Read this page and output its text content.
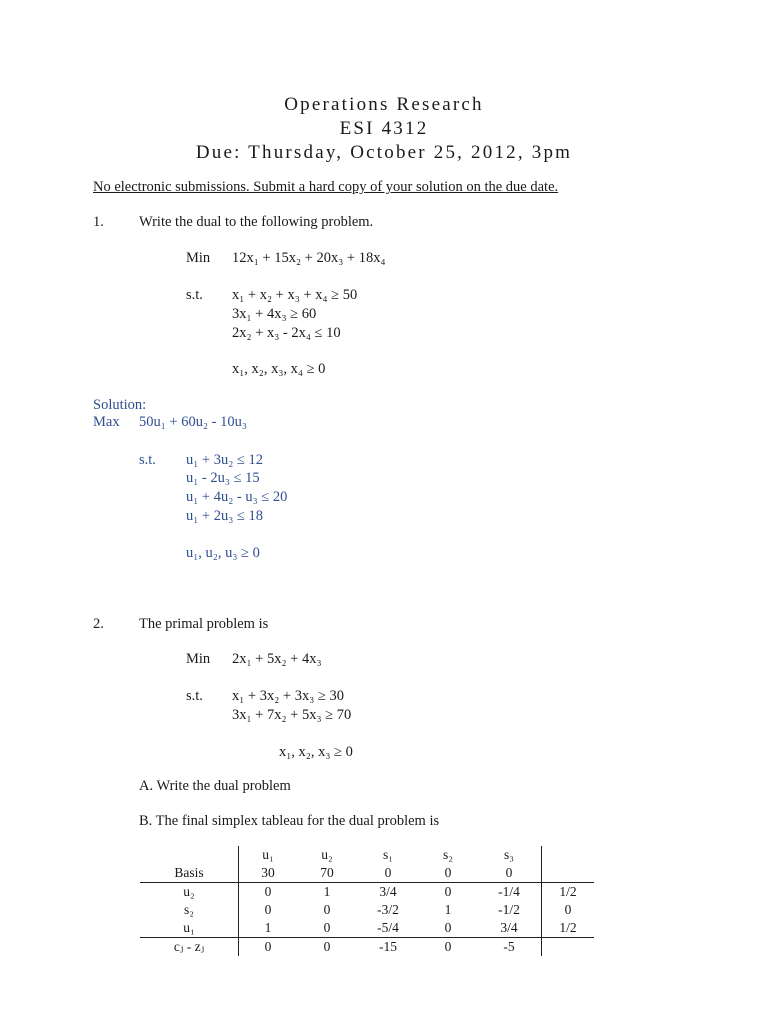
Operations Research
ESI 4312
Due: Thursday, October 25, 2012, 3pm
No electronic submissions. Submit a hard copy of your solution on the due date.
1. Write the dual to the following problem.
Min 12x₁ + 15x₂ + 20x₃ + 18x₄
s.t. x₁ + x₂ + x₃ + x₄ ≥ 50
3x₁ + 4x₃ ≥ 60
2x₂ + x₃ - 2x₄ ≤ 10
x₁, x₂, x₃, x₄ ≥ 0
Solution:
Max 50u₁ + 60u₂ - 10u₃
s.t. u₁ + 3u₂ ≤ 12
u₁ - 2u₃ ≤ 15
u₁ + 4u₂ - u₃ ≤ 20
u₁ + 2u₃ ≤ 18
u₁, u₂, u₃ ≥ 0
2. The primal problem is
Min 2x₁ + 5x₂ + 4x₃
s.t. x₁ + 3x₂ + 3x₃ ≥ 30
3x₁ + 7x₂ + 5x₃ ≥ 70
x₁, x₂, x₃ ≥ 0
A. Write the dual problem
B. The final simplex tableau for the dual problem is
	u₁	u₂	s₁	s₂	s₃	
Basis	30	70	0	0	0	
u₂	0	1	3/4	0	-1/4	1/2
s₂	0	0	-3/2	1	-1/2	0
u₁	1	0	-5/4	0	3/4	1/2
cⱼ - zⱼ	0	0	-15	0	-5	
